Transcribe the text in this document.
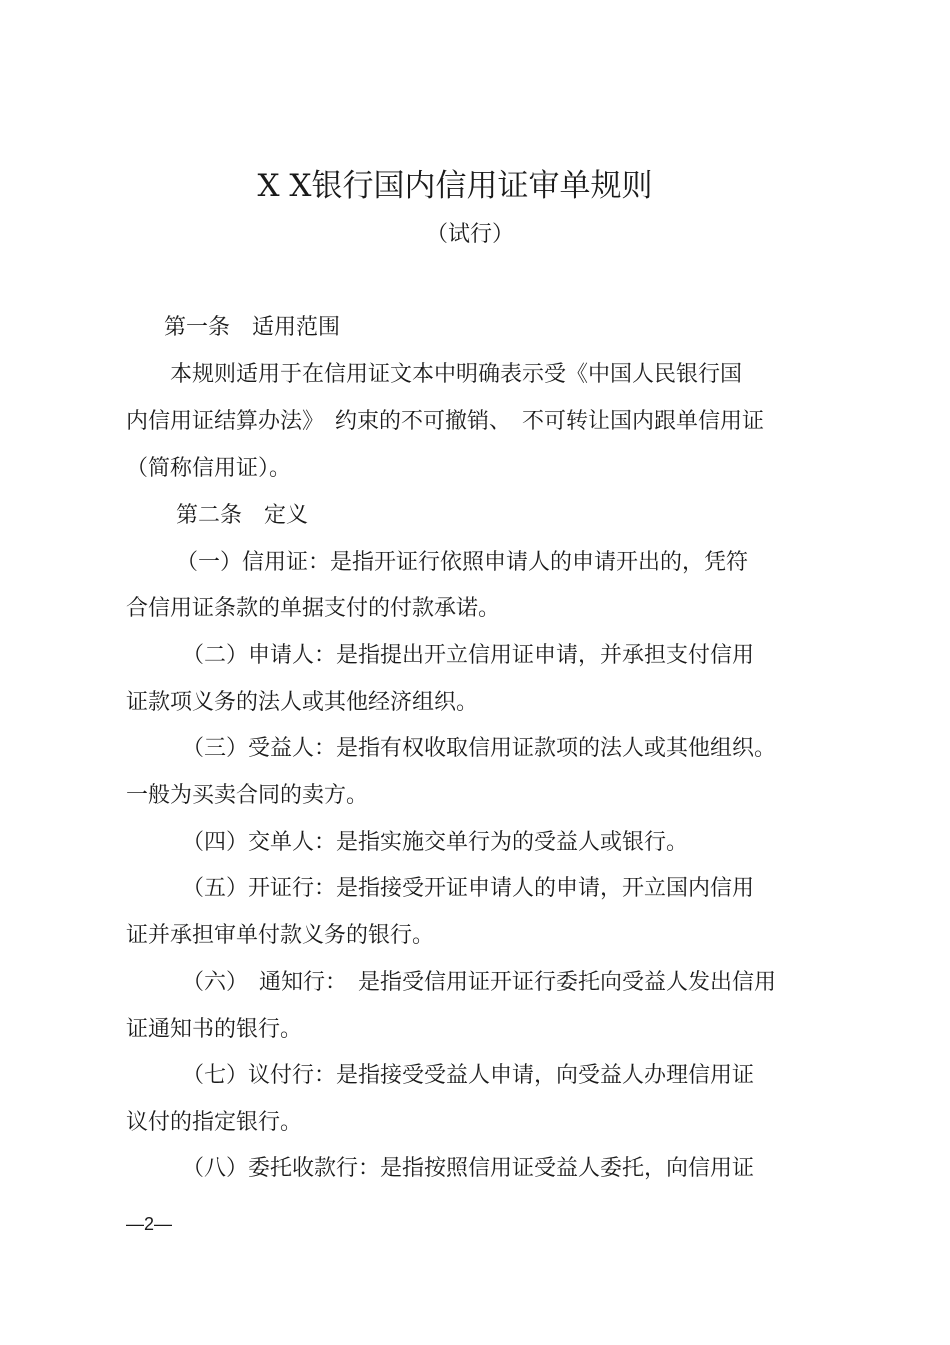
X X银行国内信用证审单规则
（试行）
第一条　适用范围
本规则适用于在信用证文本中明确表示受《中国人民银行国
内信用证结算办法》　约束的不可撤销、　不可转让国内跟单信用证
（简称信用证）。
第二条　定义
（一）信用证：是指开证行依照申请人的申请开出的，凭符
合信用证条款的单据支付的付款承诺。
（二）申请人：是指提出开立信用证申请，并承担支付信用
证款项义务的法人或其他经济组织。
（三）受益人：是指有权收取信用证款项的法人或其他组织。
一般为买卖合同的卖方。
（四）交单人：是指实施交单行为的受益人或银行。
（五）开证行：是指接受开证申请人的申请，开立国内信用
证并承担审单付款义务的银行。
（六）　通知行：　是指受信用证开证行委托向受益人发出信用
证通知书的银行。
（七）议付行：是指接受受益人申请，向受益人办理信用证
议付的指定银行。
（八）委托收款行：是指按照信用证受益人委托，向信用证
—2—
